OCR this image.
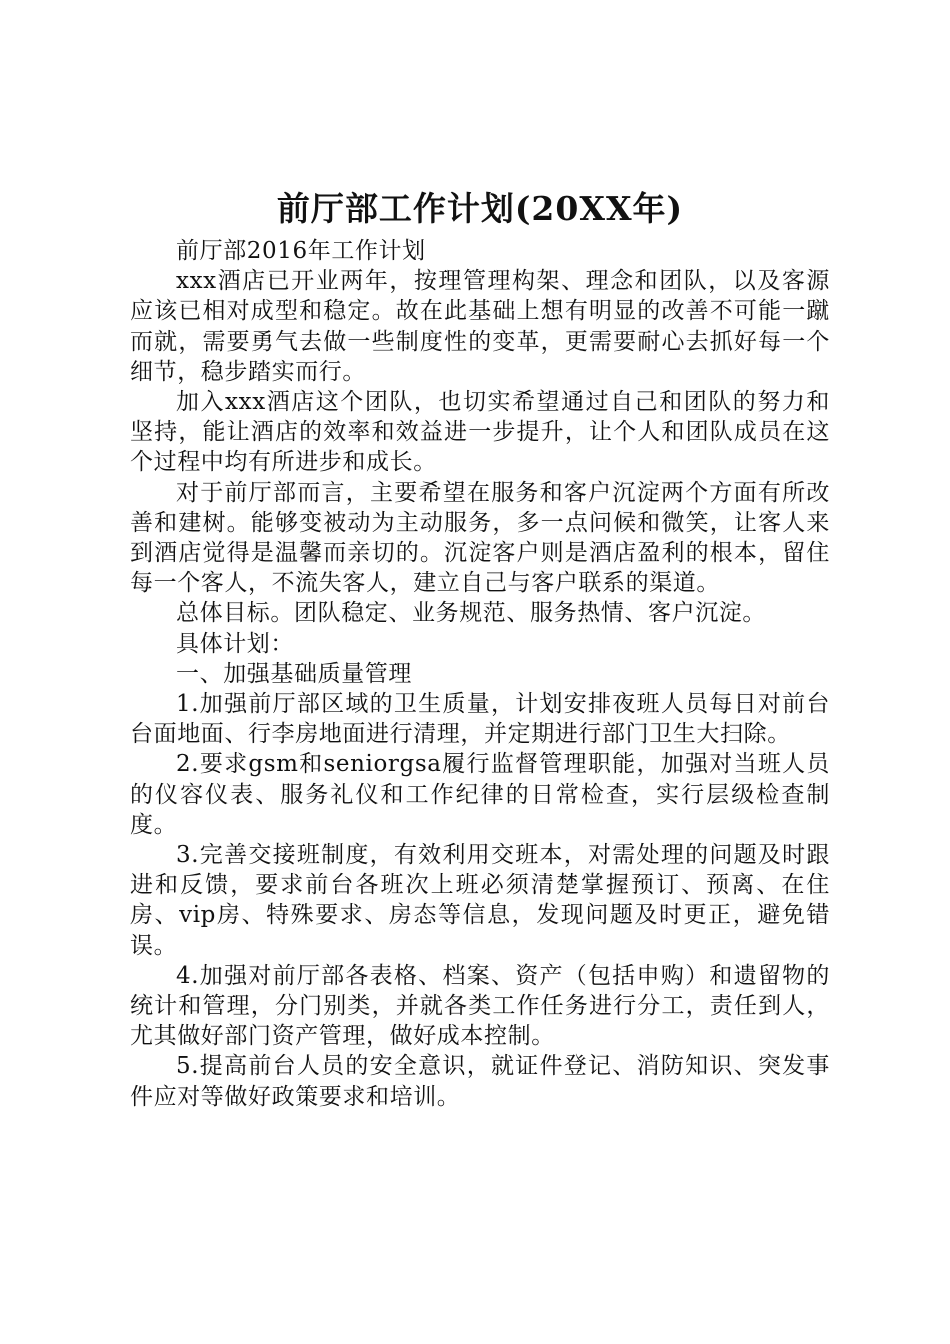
前厅部工作计划(20XX年)

前厅部2016年工作计划

xxx酒店已开业两年，按理管理构架、理念和团队，以及客源应该已相对成型和稳定。故在此基础上想有明显的改善不可能一蹴而就，需要勇气去做一些制度性的变革，更需要耐心去抓好每一个细节，稳步踏实而行。

加入xxx酒店这个团队，也切实希望通过自己和团队的努力和坚持，能让酒店的效率和效益进一步提升，让个人和团队成员在这个过程中均有所进步和成长。

对于前厅部而言，主要希望在服务和客户沉淀两个方面有所改善和建树。能够变被动为主动服务，多一点问候和微笑，让客人来到酒店觉得是温馨而亲切的。沉淀客户则是酒店盈利的根本，留住每一个客人，不流失客人，建立自己与客户联系的渠道。

总体目标。团队稳定、业务规范、服务热情、客户沉淀。

具体计划：

一、加强基础质量管理

1.加强前厅部区域的卫生质量，计划安排夜班人员每日对前台台面地面、行李房地面进行清理，并定期进行部门卫生大扫除。

2.要求gsm和seniorgsa履行监督管理职能，加强对当班人员的仪容仪表、服务礼仪和工作纪律的日常检查，实行层级检查制度。

3.完善交接班制度，有效利用交班本，对需处理的问题及时跟进和反馈，要求前台各班次上班必须清楚掌握预订、预离、在住房、vip房、特殊要求、房态等信息，发现问题及时更正，避免错误。

4.加强对前厅部各表格、档案、资产（包括申购）和遗留物的统计和管理，分门别类，并就各类工作任务进行分工，责任到人，尤其做好部门资产管理，做好成本控制。

5.提高前台人员的安全意识，就证件登记、消防知识、突发事件应对等做好政策要求和培训。
